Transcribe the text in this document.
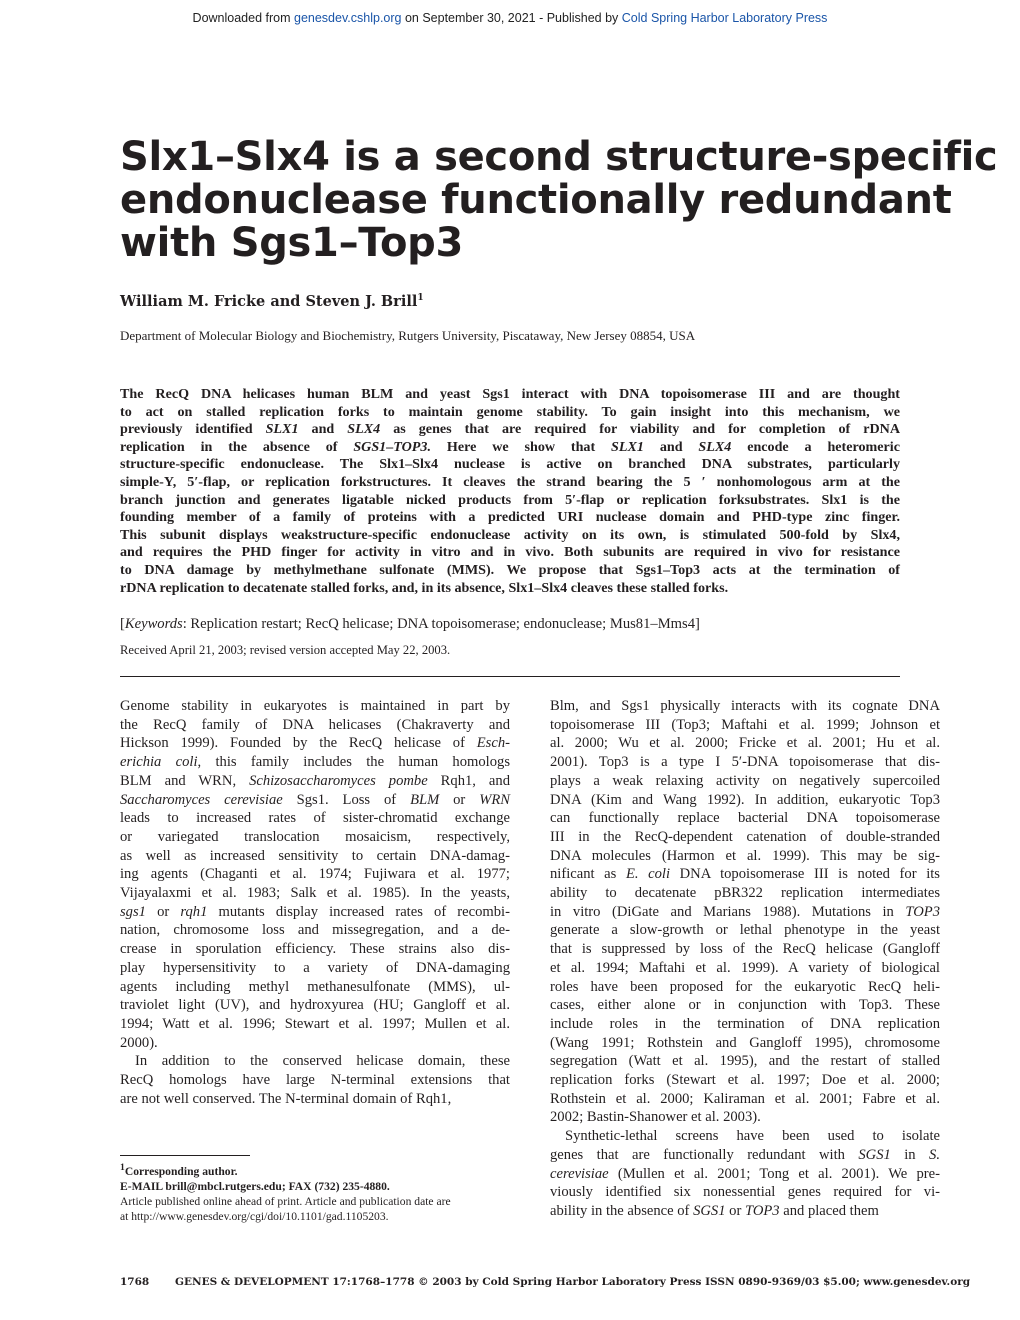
Downloaded from genesdev.cshlp.org on September 30, 2021 - Published by Cold Spring Harbor Laboratory Press
Slx1–Slx4 is a second structure-specific
endonuclease functionally redundant
with Sgs1–Top3
William M. Fricke and Steven J. Brill$^1$
Department of Molecular Biology and Biochemistry, Rutgers University, Piscataway, New Jersey 08854, USA
The RecQ DNA helicases human BLM and yeast Sgs1 interact with DNA topoisomerase III and are thought
to act on stalled replication forks to maintain genome stability. To gain insight into this mechanism, we
previously identified SLX1 and SLX4 as genes that are required for viability and for completion of rDNA
replication in the absence of SGS1–TOP3. Here we show that SLX1 and SLX4 encode a heteromeric
structure-specific endonuclease. The Slx1–Slx4 nuclease is active on branched DNA substrates, particularly
simple-Y, 5′-flap, or replication forkstructures. It cleaves the strand bearing the 5 ′ nonhomologous arm at the
branch junction and generates ligatable nicked products from 5′-flap or replication forksubstrates. Slx1 is the
founding member of a family of proteins with a predicted URI nuclease domain and PHD-type zinc finger.
This subunit displays weakstructure-specific endonuclease activity on its own, is stimulated 500-fold by Slx4,
and requires the PHD finger for activity in vitro and in vivo. Both subunits are required in vivo for resistance
to DNA damage by methylmethane sulfonate (MMS). We propose that Sgs1–Top3 acts at the termination of
rDNA replication to decatenate stalled forks, and, in its absence, Slx1–Slx4 cleaves these stalled forks.
[Keywords: Replication restart; RecQ helicase; DNA topoisomerase; endonuclease; Mus81–Mms4]
Received April 21, 2003; revised version accepted May 22, 2003.
Genome stability in eukaryotes is maintained in part by
the RecQ family of DNA helicases (Chakraverty and
Hickson 1999). Founded by the RecQ helicase of Esch-
erichia coli, this family includes the human homologs
BLM and WRN, Schizosaccharomyces pombe Rqh1, and
Saccharomyces cerevisiae Sgs1. Loss of BLM or WRN
leads to increased rates of sister-chromatid exchange
or variegated translocation mosaicism, respectively,
as well as increased sensitivity to certain DNA-damag-
ing agents (Chaganti et al. 1974; Fujiwara et al. 1977;
Vijayalaxmi et al. 1983; Salk et al. 1985). In the yeasts,
sgs1 or rqh1 mutants display increased rates of recombi-
nation, chromosome loss and missegregation, and a de-
crease in sporulation efficiency. These strains also dis-
play hypersensitivity to a variety of DNA-damaging
agents including methyl methanesulfonate (MMS), ul-
traviolet light (UV), and hydroxyurea (HU; Gangloff et al.
1994; Watt et al. 1996; Stewart et al. 1997; Mullen et al.
2000).
In addition to the conserved helicase domain, these
RecQ homologs have large N-terminal extensions that
are not well conserved. The N-terminal domain of Rqh1,
Blm, and Sgs1 physically interacts with its cognate DNA
topoisomerase III (Top3; Maftahi et al. 1999; Johnson et
al. 2000; Wu et al. 2000; Fricke et al. 2001; Hu et al.
2001). Top3 is a type I 5′-DNA topoisomerase that dis-
plays a weak relaxing activity on negatively supercoiled
DNA (Kim and Wang 1992). In addition, eukaryotic Top3
can functionally replace bacterial DNA topoisomerase
III in the RecQ-dependent catenation of double-stranded
DNA molecules (Harmon et al. 1999). This may be sig-
nificant as E. coli DNA topoisomerase III is noted for its
ability to decatenate pBR322 replication intermediates
in vitro (DiGate and Marians 1988). Mutations in TOP3
generate a slow-growth or lethal phenotype in the yeast
that is suppressed by loss of the RecQ helicase (Gangloff
et al. 1994; Maftahi et al. 1999). A variety of biological
roles have been proposed for the eukaryotic RecQ heli-
cases, either alone or in conjunction with Top3. These
include roles in the termination of DNA replication
(Wang 1991; Rothstein and Gangloff 1995), chromosome
segregation (Watt et al. 1995), and the restart of stalled
replication forks (Stewart et al. 1997; Doe et al. 2000;
Rothstein et al. 2000; Kaliraman et al. 2001; Fabre et al.
2002; Bastin-Shanower et al. 2003).
Synthetic-lethal screens have been used to isolate
genes that are functionally redundant with SGS1 in S.
cerevisiae (Mullen et al. 2001; Tong et al. 2001). We pre-
viously identified six nonessential genes required for vi-
ability in the absence of SGS1 or TOP3 and placed them
$^1$Corresponding author.
E-MAIL brill@mbcl.rutgers.edu; FAX (732) 235-4880.
Article published online ahead of print. Article and publication date are
at http://www.genesdev.org/cgi/doi/10.1101/gad.1105203.
1768 GENES & DEVELOPMENT 17:1768–1778 © 2003 by Cold Spring Harbor Laboratory Press ISSN 0890-9369/03 $5.00; www.genesdev.org
